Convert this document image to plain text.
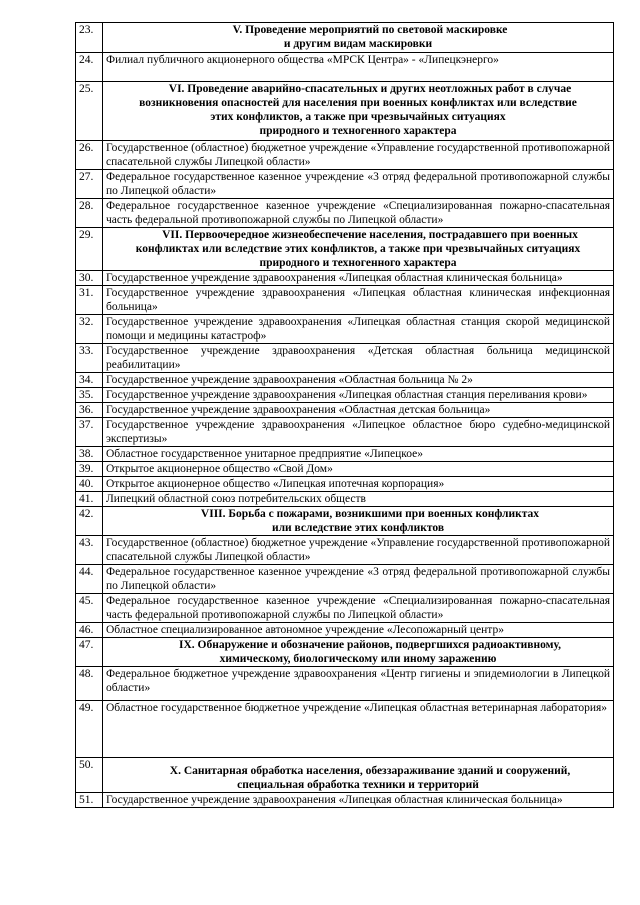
23.	V. Проведение мероприятий по световой маскировке
и другим видам маскировки

24.	Филиал публичного акционерного общества «МРСК Центра» - «Липецкэнерго»
25.	VI. Проведение аварийно-спасательных и других неотложных работ в случае
возникновения опасностей для населения при военных конфликтах или вследствие
этих конфликтов, а также при чрезвычайных ситуациях
природного и техногенного характера

26.	Государственное (областное) бюджетное учреждение «Управление государственной противопожарной спасательной службы Липецкой области»
27.	Федеральное государственное казенное учреждение «3 отряд федеральной противопожарной службы по Липецкой области»
28.	Федеральное государственное казенное учреждение «Специализированная пожарно-спасательная часть федеральной противопожарной службы по Липецкой области»
29.	VII. Первоочередное жизнеобеспечение населения, пострадавшего при военных
конфликтах или вследствие этих конфликтов, а также при чрезвычайных ситуациях
природного и техногенного характера

30.	Государственное учреждение здравоохранения «Липецкая областная клиническая больница»
31.	Государственное учреждение здравоохранения «Липецкая областная клиническая инфекционная больница»
32.	Государственное учреждение здравоохранения «Липецкая областная станция скорой медицинской помощи и медицины катастроф»
33.	Государственное учреждение здравоохранения «Детская областная больница медицинской реабилитации»
34.	Государственное учреждение здравоохранения «Областная больница № 2»
35.	Государственное учреждение здравоохранения «Липецкая областная станция переливания крови»
36.	Государственное учреждение здравоохранения «Областная детская больница»
37.	Государственное учреждение здравоохранения «Липецкое областное бюро судебно-медицинской экспертизы»
38.	Областное государственное унитарное предприятие «Липецкое»
39.	Открытое акционерное общество «Свой Дом»
40.	Открытое акционерное общество «Липецкая ипотечная корпорация»
41.	Липецкий областной союз потребительских обществ
42.	VIII. Борьба с пожарами, возникшими при военных конфликтах
или вследствие этих конфликтов

43.	Государственное (областное) бюджетное учреждение «Управление государственной противопожарной спасательной службы Липецкой области»
44.	Федеральное государственное казенное учреждение «3 отряд федеральной противопожарной службы по Липецкой области»
45.	Федеральное государственное казенное учреждение «Специализированная пожарно-спасательная часть федеральной противопожарной службы по Липецкой области»
46.	Областное специализированное автономное учреждение «Лесопожарный центр»
47.	IX. Обнаружение и обозначение районов, подвергшихся радиоактивному,
химическому, биологическому или иному заражению

48.	Федеральное бюджетное учреждение здравоохранения «Центр гигиены и эпидемиологии в Липецкой области»
49.	Областное государственное бюджетное учреждение «Липецкая областная ветеринарная лаборатория»
50.	X. Санитарная обработка населения, обеззараживание зданий и сооружений,
специальная обработка техники и территорий

51.	Государственное учреждение здравоохранения «Липецкая областная клиническая больница»
